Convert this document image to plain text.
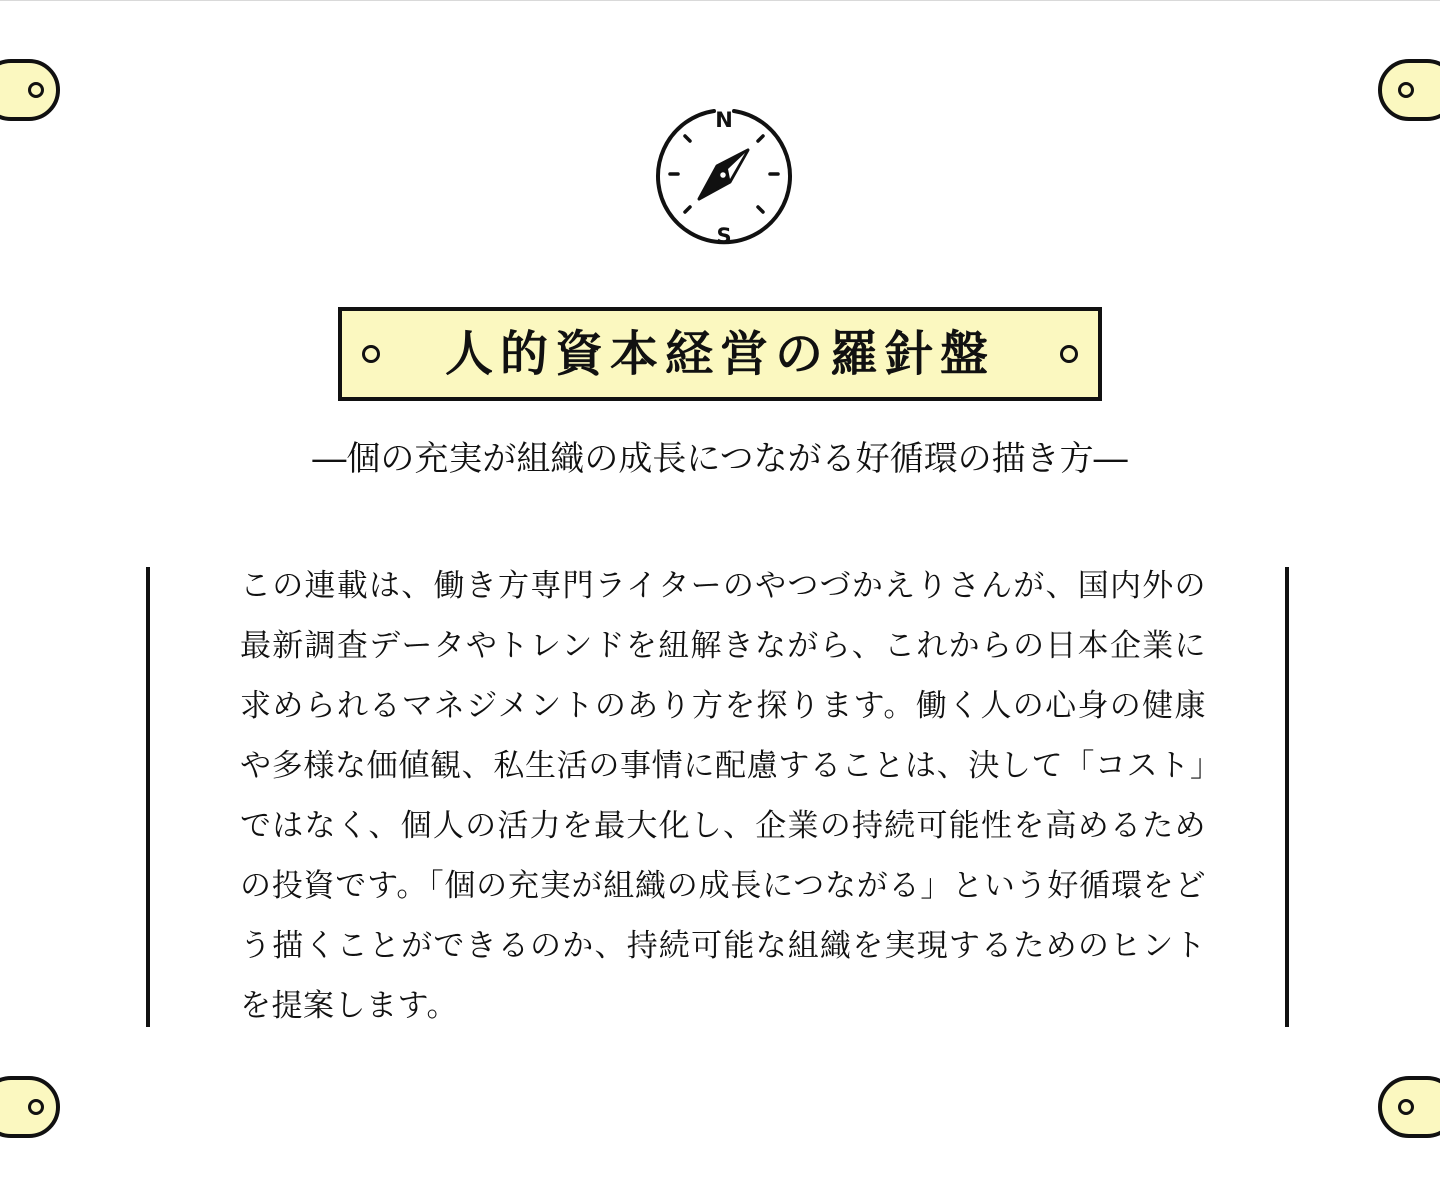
N
S
人的資本経営の羅針盤
―個の充実が組織の成長につながる好循環の描き方―

この連載は、働き方専門ライターのやつづかえりさんが、国内外の最新調査データやトレンドを紐解きながら、これからの日本企業に求められるマネジメントのあり方を探ります。働く人の心身の健康や多様な価値観、私生活の事情に配慮することは、決して「コスト」ではなく、個人の活力を最大化し、企業の持続可能性を高めるための投資です。「個の充実が組織の成長につながる」という好循環をどう描くことができるのか、持続可能な組織を実現するためのヒントを提案します。
